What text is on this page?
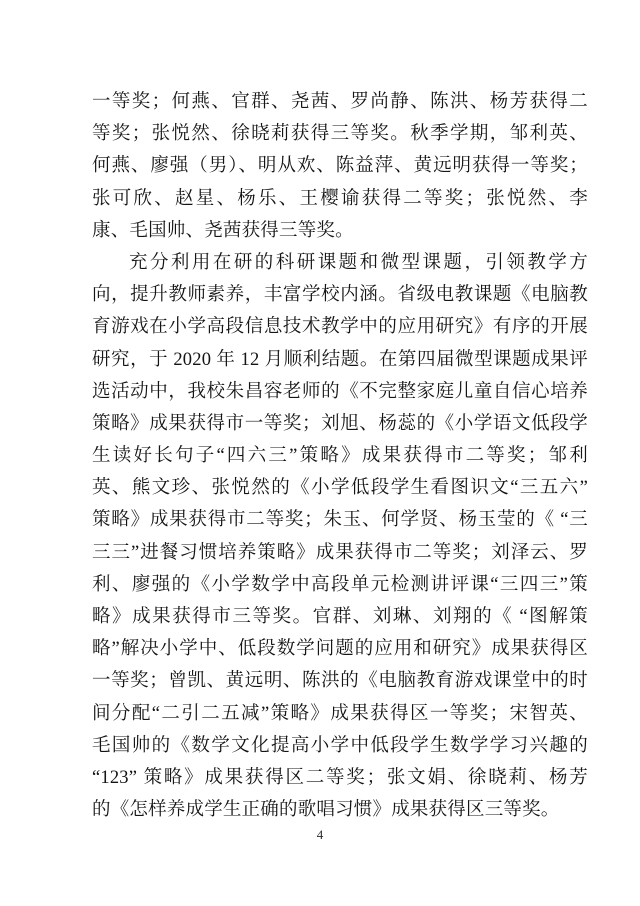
一等奖；何燕、官群、尧茜、罗尚静、陈洪、杨芳获得二
等奖；张悦然、徐晓莉获得三等奖。秋季学期，邹利英、
何燕、廖强（男）、明从欢、陈益萍、黄远明获得一等奖；
张可欣、赵星、杨乐、王樱谕获得二等奖；张悦然、李
康、毛国帅、尧茜获得三等奖。
充分利用在研的科研课题和微型课题，引领教学方
向，提升教师素养，丰富学校内涵。省级电教课题《电脑教
育游戏在小学高段信息技术教学中的应用研究》有序的开展
研究，于 2020 年 12 月顺利结题。在第四届微型课题成果评
选活动中，我校朱昌容老师的《不完整家庭儿童自信心培养
策略》成果获得市一等奖；刘旭、杨蕊的《小学语文低段学
生读好长句子“四六三”策略》成果获得市二等奖；邹利
英、熊文珍、张悦然的《小学低段学生看图识文“三五六”
策略》成果获得市二等奖；朱玉、何学贤、杨玉莹的《 “三
三三”进餐习惯培养策略》成果获得市二等奖；刘泽云、罗
利、廖强的《小学数学中高段单元检测讲评课“三四三”策
略》成果获得市三等奖。官群、刘琳、刘翔的《 “图解策
略”解决小学中、低段数学问题的应用和研究》成果获得区
一等奖；曾凯、黄远明、陈洪的《电脑教育游戏课堂中的时
间分配“二引二五减”策略》成果获得区一等奖；宋智英、
毛国帅的《数学文化提高小学中低段学生数学学习兴趣的
“123” 策略》成果获得区二等奖；张文娟、徐晓莉、杨芳
的《怎样养成学生正确的歌唱习惯》成果获得区三等奖。
4
